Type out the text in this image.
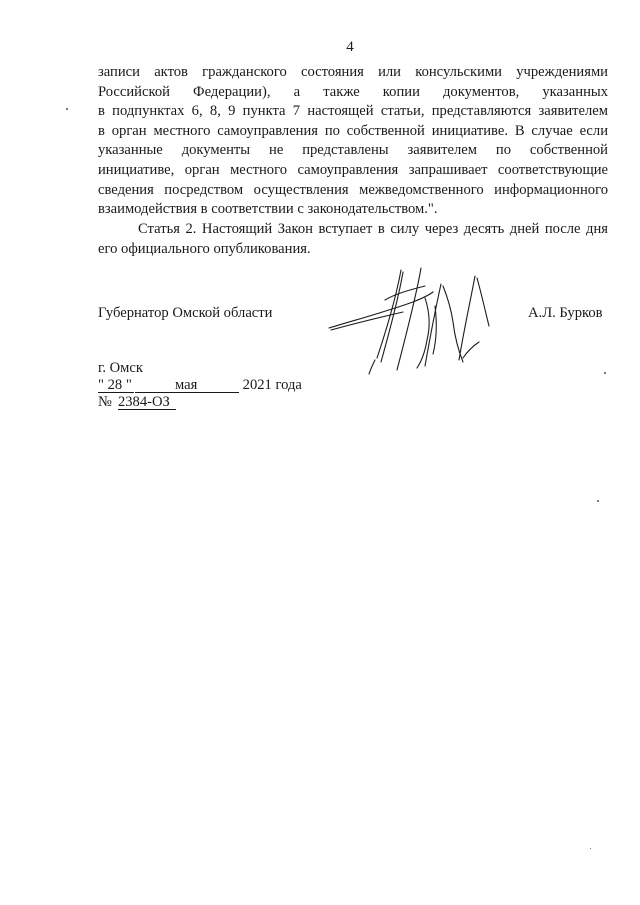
4
записи актов гражданского состояния или консульскими учреждениями
Российской Федерации), а также копии документов, указанных
в подпунктах 6, 8, 9 пункта 7 настоящей статьи, представляются заявителем
в орган местного самоуправления по собственной инициативе. В случае если
указанные документы не представлены заявителем по собственной
инициативе, орган местного самоуправления запрашивает соответствующие
сведения посредством осуществления межведомственного информационного
взаимодействия в соответствии с законодательством.".
Статья 2. Настоящий Закон вступает в силу через десять дней после дня
его официального опубликования.
Губернатор Омской области	А.Л. Бурков
г. Омск
" 28 "	мая	2021 года
№ 2384-ОЗ
